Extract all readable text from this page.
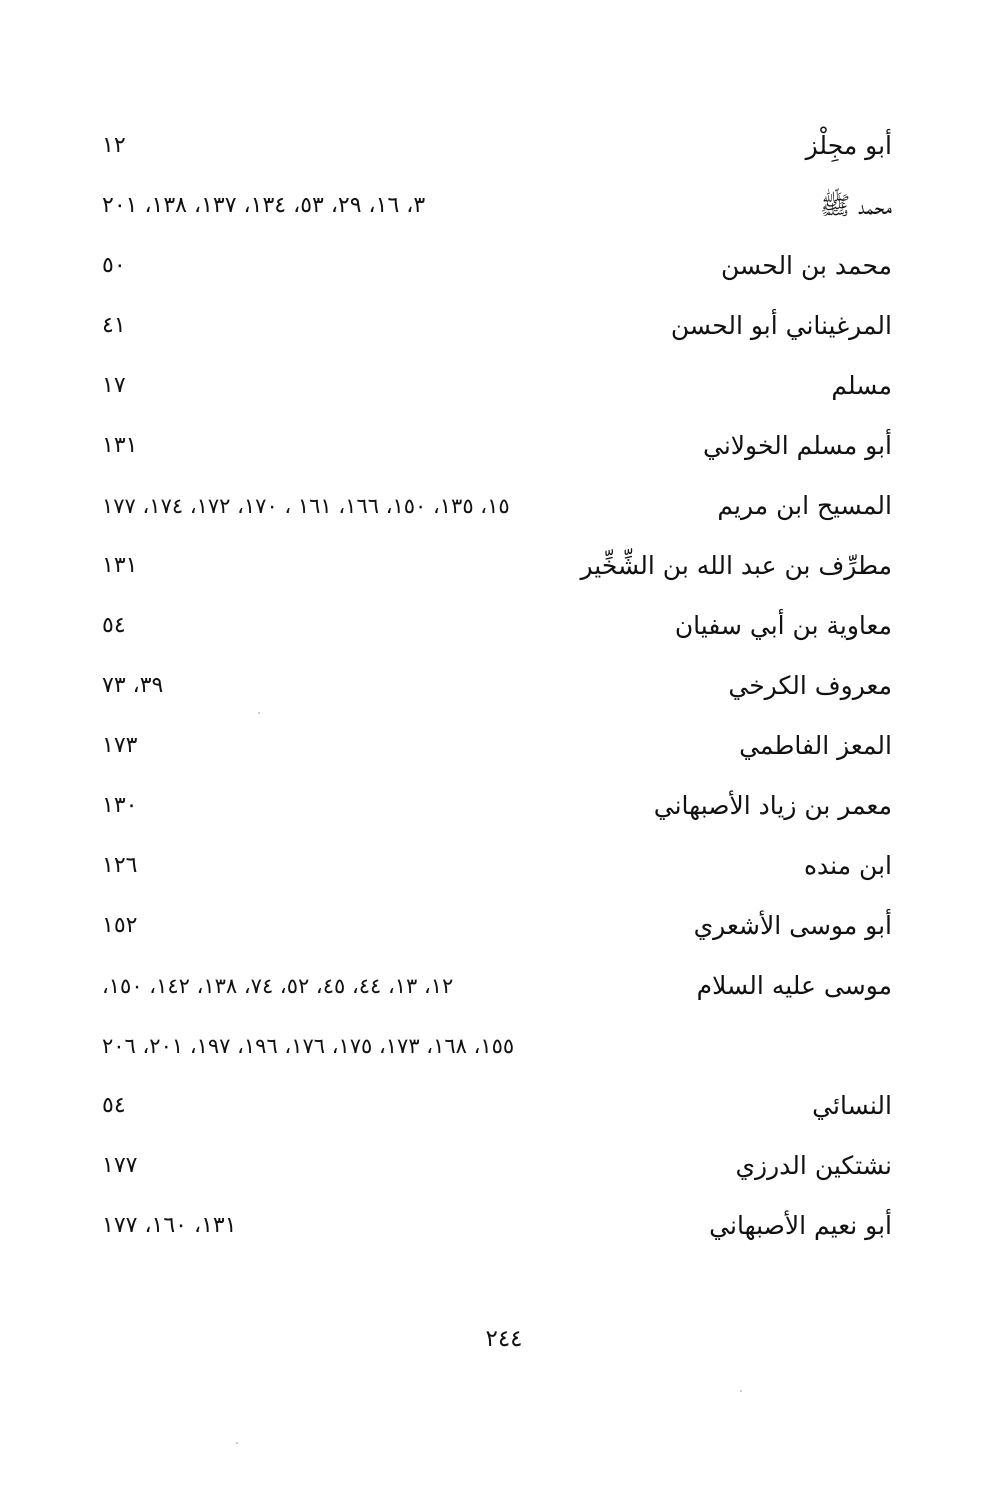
أبو مجِلْز
١٢
محمد ﷺ
٣، ١٦، ٢٩، ٥٣، ١٣٤، ١٣٧، ١٣٨، ٢٠١
محمد بن الحسن
٥٠
المرغيناني أبو الحسن
٤١
مسلم
١٧
أبو مسلم الخولاني
١٣١
المسيح ابن مريم
١٥، ١٣٥، ١٥٠، ١٦٦، ١٦١ ، ١٧٠، ١٧٢، ١٧٤، ١٧٧
مطرِّف بن عبد الله بن الشِّخِّير
١٣١
معاوية بن أبي سفيان
٥٤
معروف الكرخي
٣٩، ٧٣
المعز الفاطمي
١٧٣
معمر بن زياد الأصبهاني
١٣٠
ابن منده
١٢٦
أبو موسى الأشعري
١٥٢
موسى عليه السلام
١٢، ١٣، ٤٤، ٤٥، ٥٢، ٧٤، ١٣٨، ١٤٢، ١٥٠،
١٥٥، ١٦٨، ١٧٣، ١٧٥، ١٧٦، ١٩٦، ١٩٧، ٢٠١، ٢٠٦
النسائي
٥٤
نشتكين الدرزي
١٧٧
أبو نعيم الأصبهاني
١٣١، ١٦٠، ١٧٧
٢٤٤
